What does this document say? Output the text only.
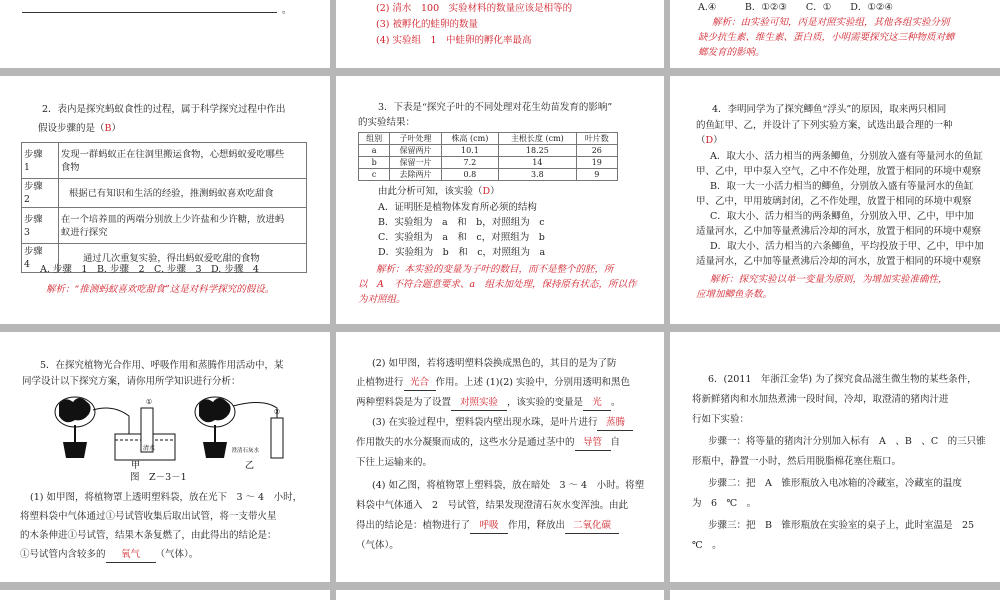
。	(2) 清水　100　实验材料的数量应该是相等的
(3) 被孵化的蛙卵的数量
(4) 实验组　1　中蛙卵的孵化率最高
A.④　　　B．①②③　　C．①　　D．①②④
解析：由实验可知，丙是对照实验组，其他各组实验分别
缺少抗生素、维生素、蛋白质，小明需要探究这三种物质对蟑
螂发育的影响。
2．表内是探究蚂蚁食性的过程，属于科学探究过程中作出
假设步骤的是（B）
步骤　1	发现一群蚂蚁正在往洞里搬运食物，心想蚂蚁爱吃哪些
食物
步骤　2	根据已有知识和生活的经验，推测蚂蚁喜欢吃甜食
步骤　3	在一个培养皿的两端分别放上少许盐和少许糖，放进蚂
蚁进行探究
步骤　4	通过几次重复实验，得出蚂蚁爱吃甜的食物
A. 步骤　1　B. 步骤　2　C. 步骤　3　D. 步骤　4
解析：“推测蚂蚁喜欢吃甜食”这是对科学探究的假设。
3．下表是“探究子叶的不同处理对花生幼苗发育的影响”
的实验结果：
组别	子叶处理	株高 (cm)	主根长度 (cm)	叶片数
a	保留两片	10.1	18.25	26
b	保留一片	7.2	14	19
c	去除两片	0.8	3.8	9
由此分析可知，该实验（D）
A．证明胚是植物体发育所必须的结构
B．实验组为　a　和　b，对照组为　c
C．实验组为　a　和　c，对照组为　b
D．实验组为　b　和　c，对照组为　a
解析：本实验的变量为子叶的数目，而不是整个的胚，所
以　A　不符合题意要求、a　组未加处理，保持原有状态，所以作
为对照组。
4．李明同学为了探究鲫鱼“浮头”的原因，取来两只相同
的鱼缸甲、乙，并设计了下列实验方案，试选出最合理的一种
（D）
A．取大小、活力相当的两条鲫鱼，分别放入盛有等量河水的鱼缸
甲、乙中，甲中泵入空气，乙中不作处理，放置于相同的环境中观察
B．取一大一小活力相当的鲫鱼，分别放入盛有等量河水的鱼缸
甲、乙中，甲用玻璃封闭，乙不作处理，放置于相同的环境中观察
C．取大小、活力相当的两条鲫鱼，分别放入甲、乙中，甲中加
适量河水，乙中加等量煮沸后冷却的河水，放置于相同的环境中观察
D．取大小、活力相当的六条鲫鱼，平均投放于甲、乙中，甲中加
适量河水，乙中加等量煮沸后冷却的河水，放置于相同的环境中观察
解析：探究实验以单一变量为原则，为增加实验准确性，
应增加鲫鱼条数。
5．在探究植物光合作用、呼吸作用和蒸腾作用活动中，某
同学设计以下探究方案，请你用所学知识进行分析：
①
清水
甲
②
澄清石灰水
乙
图　Z－3－1
(1) 如甲图，将植物罩上透明塑料袋，放在光下　3 ～ 4　小时，
将塑料袋中气体通过①号试管收集后取出试管，将一支带火星
的木条伸进①号试管，结果木条复燃了，由此得出的结论是：
①号试管内含较多的 氧气 （气体）。
(2) 如甲图，若将透明塑料袋换成黑色的，其目的是为了防
止植物进行 光合 作用。上述 (1)(2) 实验中，分别用透明和黑色
两种塑料袋是为了设置 对照实验 ，该实验的变量是 光 。
(3) 在实验过程中，塑料袋内壁出现水珠，是叶片进行 蒸腾
作用散失的水分凝聚而成的，这些水分是通过茎中的 导管 自
下往上运输来的。
(4) 如乙图，将植物罩上塑料袋，放在暗处　3 ～ 4　小时。将塑
料袋中气体通入　2　号试管，结果发现澄清石灰水变浑浊。由此
得出的结论是：植物进行了 呼吸 作用，释放出 二氧化碳
（气体）。
6．(2011　年浙江金华) 为了探究食品滋生微生物的某些条件，
将新鲜猪肉和水加热煮沸一段时间，冷却，取澄清的猪肉汁进
行如下实验：
步骤一：将等量的猪肉汁分别加入标有　A　、B　、C　的三只锥
形瓶中，静置一小时，然后用脱脂棉花塞住瓶口。
步骤二：把　A　锥形瓶放入电冰箱的冷藏室，冷藏室的温度
为　6　℃　。
步骤三：把　B　锥形瓶放在实验室的桌子上，此时室温是　25
℃　。
